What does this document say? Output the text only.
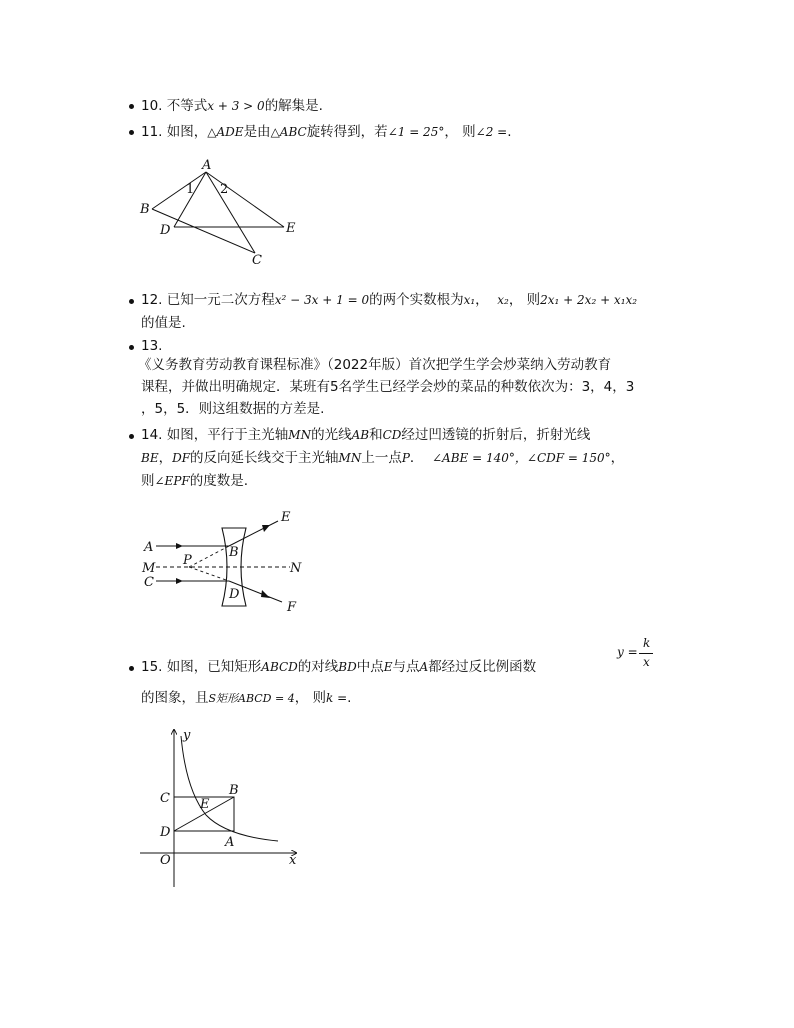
10. 不等式x + 3 > 0的解集是.
11. 如图，△ADE是由△ABC旋转得到，若∠1 = 25°， 则∠2 =.
A
B
D	E
C
1 2
12. 已知一元二次方程x² − 3x + 1 = 0的两个实数根为x₁， x₂， 则2x₁ + 2x₂ + x₁x₂
的值是.
13.
《义务教育劳动教育课程标准》（2022年版）首次把学生学会炒菜纳入劳动教育
课程，并做出明确规定．某班有5名学生已经学会炒的菜品的种数依次为：3，4，3
，5，5．则这组数据的方差是.
14. 如图，平行于主光轴MN的光线AB和CD经过凹透镜的折射后，折射光线
BE，DF的反向延长线交于主光轴MN上一点P． ∠ABE = 140°，∠CDF = 150°，
则∠EPF的度数是.
A
M
C
P
B
D
E
F
N
15. 如图，已知矩形ABCD的对线BD中点E与点A都经过反比例函数
y =
k
x
的图象，且S矩形ABCD = 4， 则k =.
y
x
O
C
D
B
A
E
